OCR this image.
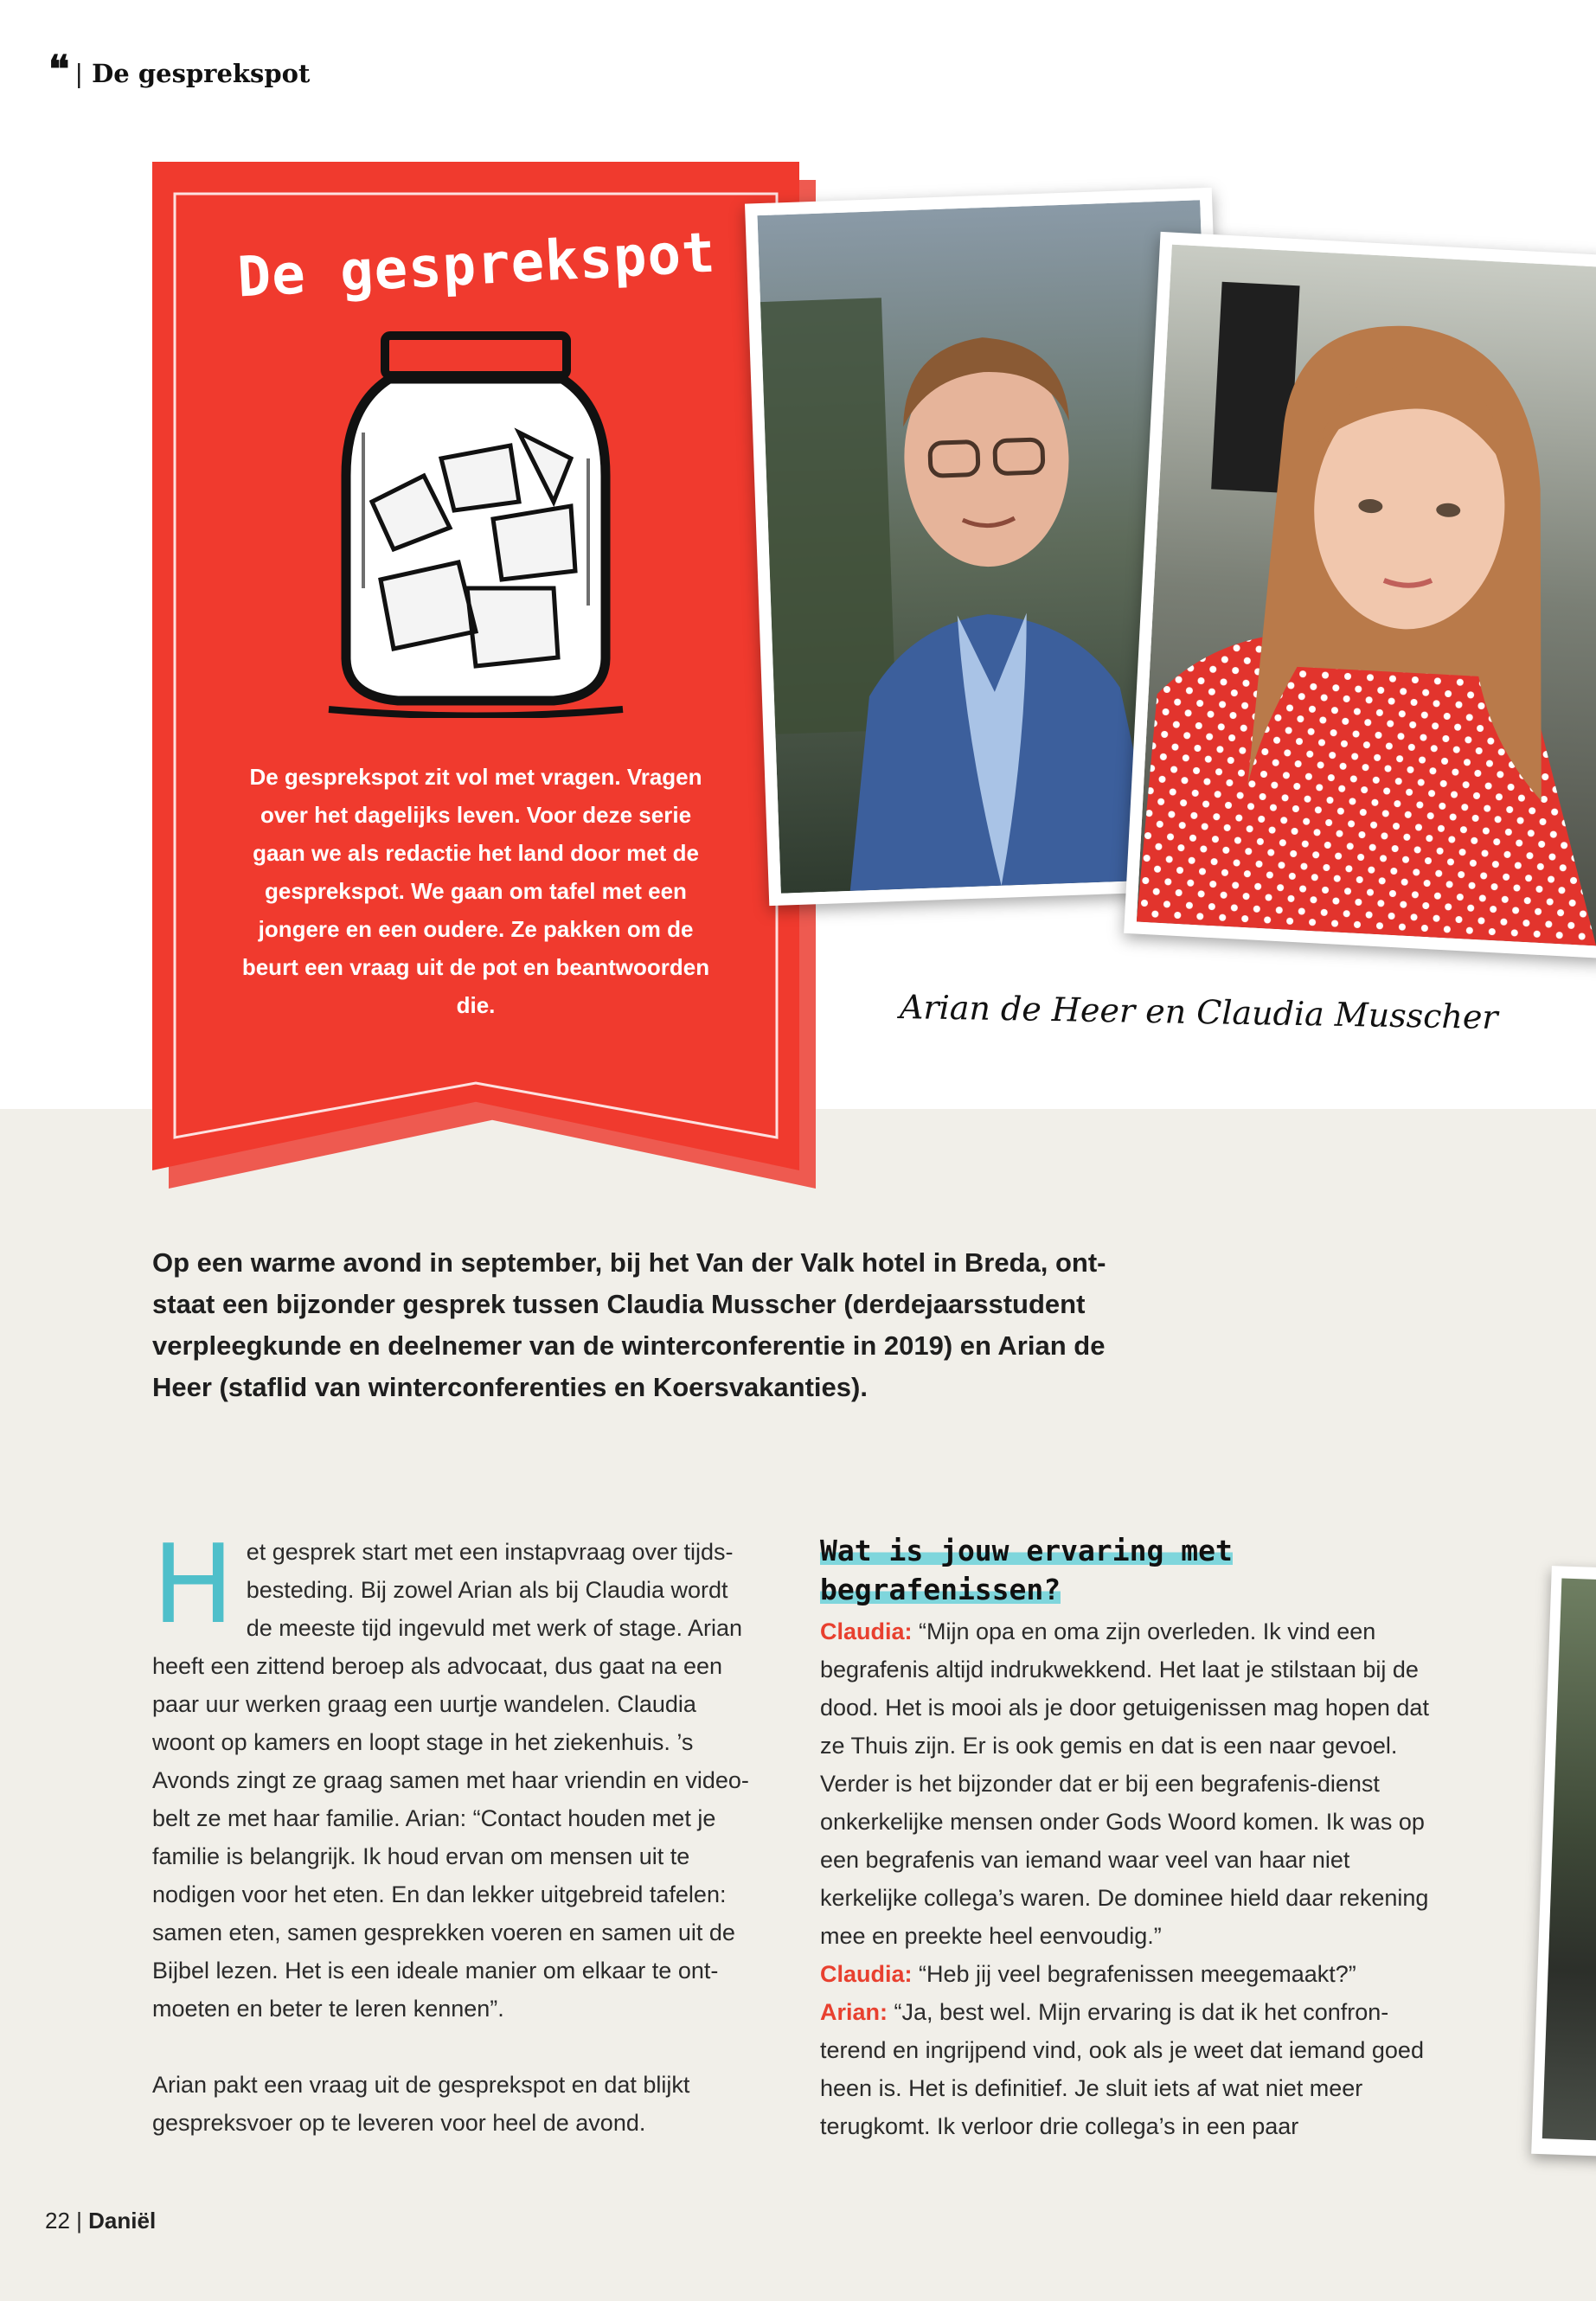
❛❛ | De gesprekspot
De gesprekspot
De gesprekspot zit vol met vragen. Vragen over het dagelijks leven. Voor deze serie gaan we als redactie het land door met de gesprekspot. We gaan om tafel met een jongere en een oudere. Ze pakken om de beurt een vraag uit de pot en beantwoorden die.	Arian de Heer en Claudia Musscher
Op een warme avond in september, bij het Van der Valk hotel in Breda, ont-staat een bijzonder gesprek tussen Claudia Musscher (derdejaarsstudent verpleegkunde en deelnemer van de winterconferentie in 2019) en Arian de Heer (staflid van winterconferenties en Koersvakanties).
H et gesprek start met een instapvraag over tijds-besteding. Bij zowel Arian als bij Claudia wordt de meeste tijd ingevuld met werk of stage. Arian heeft een zittend beroep als advocaat, dus gaat na een paar uur werken graag een uurtje wandelen. Claudia woont op kamers en loopt stage in het ziekenhuis. ’s Avonds zingt ze graag samen met haar vriendin en video-belt ze met haar familie. Arian: “Contact houden met je familie is belangrijk. Ik houd ervan om mensen uit te nodigen voor het eten. En dan lekker uitgebreid tafelen: samen eten, samen gesprekken voeren en samen uit de Bijbel lezen. Het is een ideale manier om elkaar te ont-moeten en beter te leren kennen”.

Arian pakt een vraag uit de gesprekspot en dat blijkt gespreksvoer op te leveren voor heel de avond.

Wat is jouw ervaring met begrafenissen?

Claudia: “Mijn opa en oma zijn overleden. Ik vind een begrafenis altijd indrukwekkend. Het laat je stilstaan bij de dood. Het is mooi als je door getuigenissen mag hopen dat ze Thuis zijn. Er is ook gemis en dat is een naar gevoel. Verder is het bijzonder dat er bij een begrafenis-dienst onkerkelijke mensen onder Gods Woord komen. Ik was op een begrafenis van iemand waar veel van haar niet kerkelijke collega’s waren. De dominee hield daar rekening mee en preekte heel eenvoudig.”

Claudia: “Heb jij veel begrafenissen meegemaakt?”

Arian: “Ja, best wel. Mijn ervaring is dat ik het confron-terend en ingrijpend vind, ook als je weet dat iemand goed heen is. Het is definitief. Je sluit iets af wat niet meer terugkomt. Ik verloor drie collega’s in een paar

22 | Daniël
